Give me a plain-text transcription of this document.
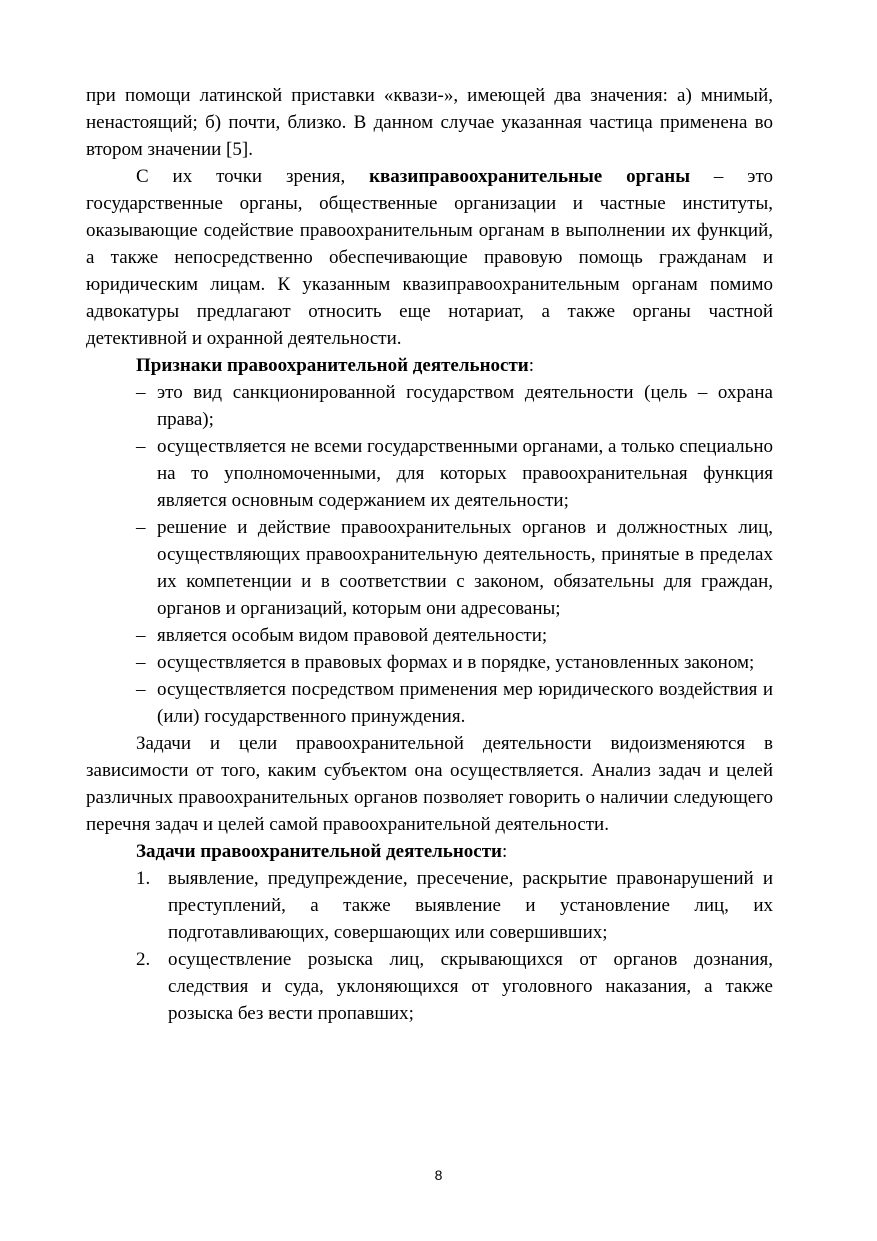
при помощи латинской приставки «квази-», имеющей два значения: а) мнимый, ненастоящий; б) почти, близко. В данном случае указанная частица применена во втором значении [5].

С их точки зрения, квазиправоохранительные органы – это государственные органы, общественные организации и частные институты, оказывающие содействие правоохранительным органам в выполнении их функций, а также непосредственно обеспечивающие правовую помощь гражданам и юридическим лицам. К указанным квазиправоохранительным органам помимо адвокатуры предлагают относить еще нотариат, а также органы частной детективной и охранной деятельности.

Признаки правоохранительной деятельности:

– это вид санкционированной государством деятельности (цель – охрана права);
– осуществляется не всеми государственными органами, а только специально на то уполномоченными, для которых правоохранительная функция является основным содержанием их деятельности;
– решение и действие правоохранительных органов и должностных лиц, осуществляющих правоохранительную деятельность, принятые в пределах их компетенции и в соответствии с законом, обязательны для граждан, органов и организаций, которым они адресованы;
– является особым видом правовой деятельности;
– осуществляется в правовых формах и в порядке, установленных законом;
– осуществляется посредством применения мер юридического воздействия и (или) государственного принуждения.

Задачи и цели правоохранительной деятельности видоизменяются в зависимости от того, каким субъектом она осуществляется. Анализ задач и целей различных правоохранительных органов позволяет говорить о наличии следующего перечня задач и целей самой правоохранительной деятельности.

Задачи правоохранительной деятельности:

1. выявление, предупреждение, пресечение, раскрытие правонарушений и преступлений, а также выявление и установление лиц, их подготавливающих, совершающих или совершивших;
2. осуществление розыска лиц, скрывающихся от органов дознания, следствия и суда, уклоняющихся от уголовного наказания, а также розыска без вести пропавших;
8
